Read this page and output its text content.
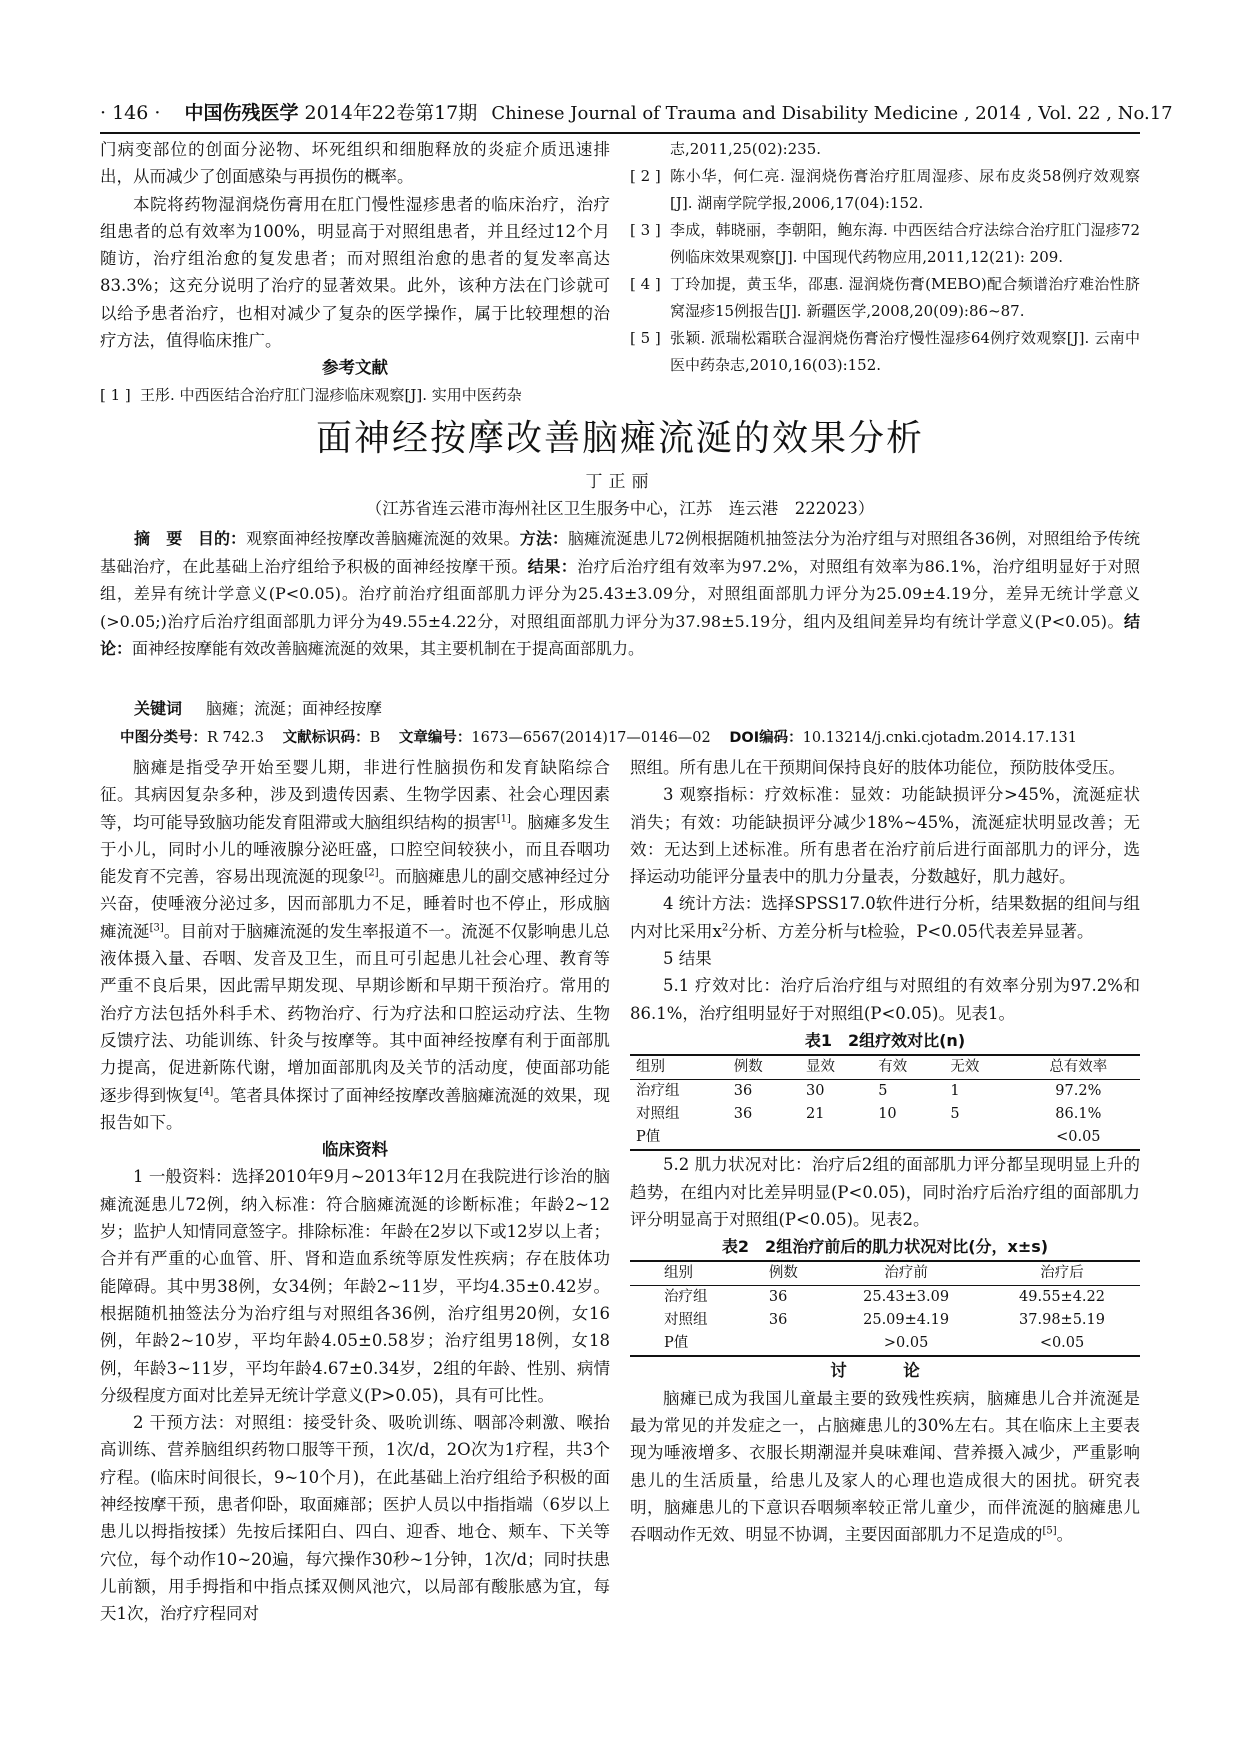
· 146 · 中国伤残医学 2014年22卷第17期 Chinese Journal of Trauma and Disability Medicine , 2014 , Vol. 22 , No.17

门病变部位的创面分泌物、坏死组织和细胞释放的炎症介质迅速排出，从而减少了创面感染与再损伤的概率。

本院将药物湿润烧伤膏用在肛门慢性湿疹患者的临床治疗，治疗组患者的总有效率为100%，明显高于对照组患者，并且经过12个月随访，治疗组治愈的复发患者；而对照组治愈的患者的复发率高达83.3%；这充分说明了治疗的显著效果。此外，该种方法在门诊就可以给予患者治疗，也相对减少了复杂的医学操作，属于比较理想的治疗方法，值得临床推广。

参考文献

[ 1 ] 王彤. 中西医结合治疗肛门湿疹临床观察[J]. 实用中医药杂
志,2011,25(02):235.
[ 2 ] 陈小华，何仁亮. 湿润烧伤膏治疗肛周湿疹、尿布皮炎58例疗效观察[J]. 湖南学院学报,2006,17(04):152.
[ 3 ] 李成，韩晓丽，李朝阳，鲍东海. 中西医结合疗法综合治疗肛门湿疹72例临床效果观察[J]. 中国现代药物应用,2011,12(21): 209.
[ 4 ] 丁玲加提，黄玉华，邵惠. 湿润烧伤膏(MEBO)配合频谱治疗难治性脐窝湿疹15例报告[J]. 新疆医学,2008,20(09):86~87.
[ 5 ] 张颖. 派瑞松霜联合湿润烧伤膏治疗慢性湿疹64例疗效观察[J]. 云南中医中药杂志,2010,16(03):152.
面神经按摩改善脑瘫流涎的效果分析
丁正丽
（江苏省连云港市海州社区卫生服务中心，江苏　连云港　222023）

摘　要 目的：观察面神经按摩改善脑瘫流涎的效果。方法：脑瘫流涎患儿72例根据随机抽签法分为治疗组与对照组各36例，对照组给予传统基础治疗，在此基础上治疗组给予积极的面神经按摩干预。结果：治疗后治疗组有效率为97.2%，对照组有效率为86.1%，治疗组明显好于对照组，差异有统计学意义(P<0.05)。治疗前治疗组面部肌力评分为25.43±3.09分，对照组面部肌力评分为25.09±4.19分，差异无统计学意义(>0.05;)治疗后治疗组面部肌力评分为49.55±4.22分，对照组面部肌力评分为37.98±5.19分，组内及组间差异均有统计学意义(P<0.05)。结论：面神经按摩能有效改善脑瘫流涎的效果，其主要机制在于提高面部肌力。

关键词 脑瘫；流涎；面神经按摩
中图分类号：R 742.3 文献标识码：B 文章编号：1673—6567(2014)17—0146—02 DOI编码：10.13214/j.cnki.cjotadm.2014.17.131

脑瘫是指受孕开始至婴儿期，非进行性脑损伤和发育缺陷综合征。其病因复杂多种，涉及到遗传因素、生物学因素、社会心理因素等，均可能导致脑功能发育阻滞或大脑组织结构的损害[1]。脑瘫多发生于小儿，同时小儿的唾液腺分泌旺盛，口腔空间较狭小，而且吞咽功能发育不完善，容易出现流涎的现象[2]。而脑瘫患儿的副交感神经过分兴奋，使唾液分泌过多，因而部肌力不足，睡着时也不停止，形成脑瘫流涎[3]。目前对于脑瘫流涎的发生率报道不一。流涎不仅影响患儿总液体摄入量、吞咽、发音及卫生，而且可引起患儿社会心理、教育等严重不良后果，因此需早期发现、早期诊断和早期干预治疗。常用的治疗方法包括外科手术、药物治疗、行为疗法和口腔运动疗法、生物反馈疗法、功能训练、针灸与按摩等。其中面神经按摩有利于面部肌力提高，促进新陈代谢，增加面部肌肉及关节的活动度，使面部功能逐步得到恢复[4]。笔者具体探讨了面神经按摩改善脑瘫流涎的效果，现报告如下。

临床资料

1 一般资料：选择2010年9月~2013年12月在我院进行诊治的脑瘫流涎患儿72例，纳入标准：符合脑瘫流涎的诊断标准；年龄2~12岁；监护人知情同意签字。排除标准：年龄在2岁以下或12岁以上者；合并有严重的心血管、肝、肾和造血系统等原发性疾病；存在肢体功能障碍。其中男38例，女34例；年龄2~11岁，平均4.35±0.42岁。根据随机抽签法分为治疗组与对照组各36例，治疗组男20例，女16例，年龄2~10岁，平均年龄4.05±0.58岁；治疗组男18例，女18例，年龄3~11岁，平均年龄4.67±0.34岁，2组的年龄、性别、病情分级程度方面对比差异无统计学意义(P>0.05)，具有可比性。

2 干预方法：对照组：接受针灸、吸吮训练、咽部冷刺激、喉抬高训练、营养脑组织药物口服等干预，1次/d，2O次为1疗程，共3个疗程。(临床时间很长，9~10个月)，在此基础上治疗组给予积极的面神经按摩干预，患者仰卧，取面瘫部；医护人员以中指指端（6岁以上患儿以拇指按揉）先按后揉阳白、四白、迎香、地仓、颊车、下关等穴位，每个动作10~20遍，每穴操作30秒~1分钟，1次/d；同时扶患儿前额，用手拇指和中指点揉双侧风池穴，以局部有酸胀感为宜，每天1次，治疗疗程同对

照组。所有患儿在干预期间保持良好的肢体功能位，预防肢体受压。

3 观察指标：疗效标准：显效：功能缺损评分>45%，流涎症状消失；有效：功能缺损评分减少18%~45%，流涎症状明显改善；无效：无达到上述标准。所有患者在治疗前后进行面部肌力的评分，选择运动功能评分量表中的肌力分量表，分数越好，肌力越好。

4 统计方法：选择SPSS17.0软件进行分析，结果数据的组间与组内对比采用$x^2$分析、方差分析与t检验，P<0.05代表差异显著。

5 结果

5.1 疗效对比：治疗后治疗组与对照组的有效率分别为97.2%和86.1%，治疗组明显好于对照组(P<0.05)。见表1。

表1　2组疗效对比(n)

组别	例数	显效	有效	无效	总有效率
治疗组	36	30	5	1	97.2%
对照组	36	21	10	5	86.1%
P值					<0.05

5.2 肌力状况对比：治疗后2组的面部肌力评分都呈现明显上升的趋势，在组内对比差异明显(P<0.05)，同时治疗后治疗组的面部肌力评分明显高于对照组(P<0.05)。见表2。

表2　2组治疗前后的肌力状况对比(分，x±s)

组别	例数	治疗前	治疗后
治疗组	36	25.43±3.09	49.55±4.22
对照组	36	25.09±4.19	37.98±5.19
P值		>0.05	<0.05

讨　论

脑瘫已成为我国儿童最主要的致残性疾病，脑瘫患儿合并流涎是最为常见的并发症之一，占脑瘫患儿的30%左右。其在临床上主要表现为唾液增多、衣服长期潮湿并臭味难闻、营养摄入减少，严重影响患儿的生活质量，给患儿及家人的心理也造成很大的困扰。研究表明，脑瘫患儿的下意识吞咽频率较正常儿童少，而伴流涎的脑瘫患儿吞咽动作无效、明显不协调，主要因面部肌力不足造成的[5]。
